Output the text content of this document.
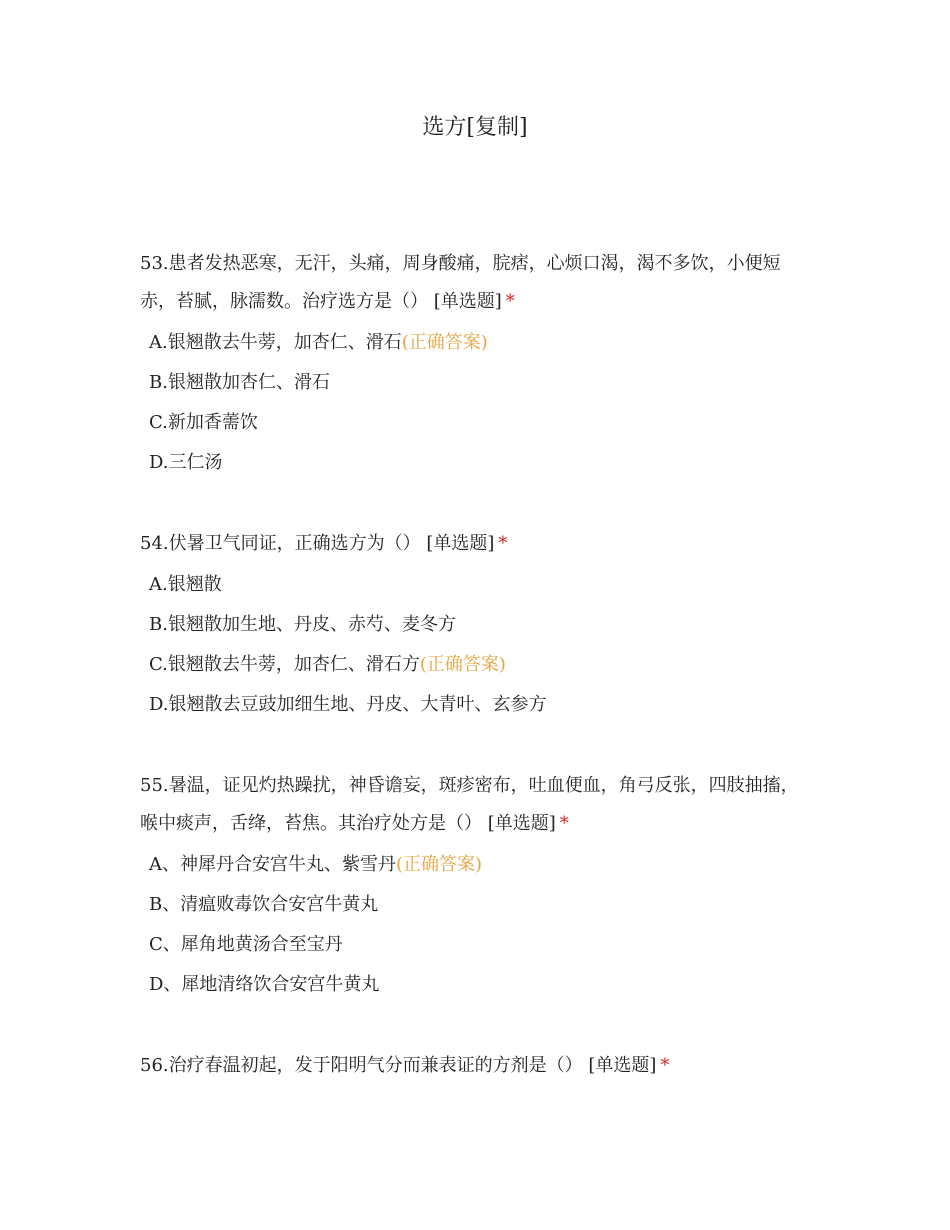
选方[复制]

53.患者发热恶寒，无汗，头痛，周身酸痛，脘痞，心烦口渴，渴不多饮，小便短赤，苔腻，脉濡数。治疗选方是（） [单选题] *

A.银翘散去牛蒡，加杏仁、滑石(正确答案)
B.银翘散加杏仁、滑石
C.新加香薷饮
D.三仁汤

54.伏暑卫气同证，正确选方为（） [单选题] *

A.银翘散
B.银翘散加生地、丹皮、赤芍、麦冬方
C.银翘散去牛蒡，加杏仁、滑石方(正确答案)
D.银翘散去豆豉加细生地、丹皮、大青叶、玄参方

55.暑温，证见灼热躁扰，神昏谵妄，斑疹密布，吐血便血，角弓反张，四肢抽搐，喉中痰声，舌绛，苔焦。其治疗处方是（） [单选题] *

A、神犀丹合安宫牛丸、紫雪丹(正确答案)
B、清瘟败毒饮合安宫牛黄丸
C、犀角地黄汤合至宝丹
D、犀地清络饮合安宫牛黄丸

56.治疗春温初起，发于阳明气分而兼表证的方剂是（） [单选题] *
